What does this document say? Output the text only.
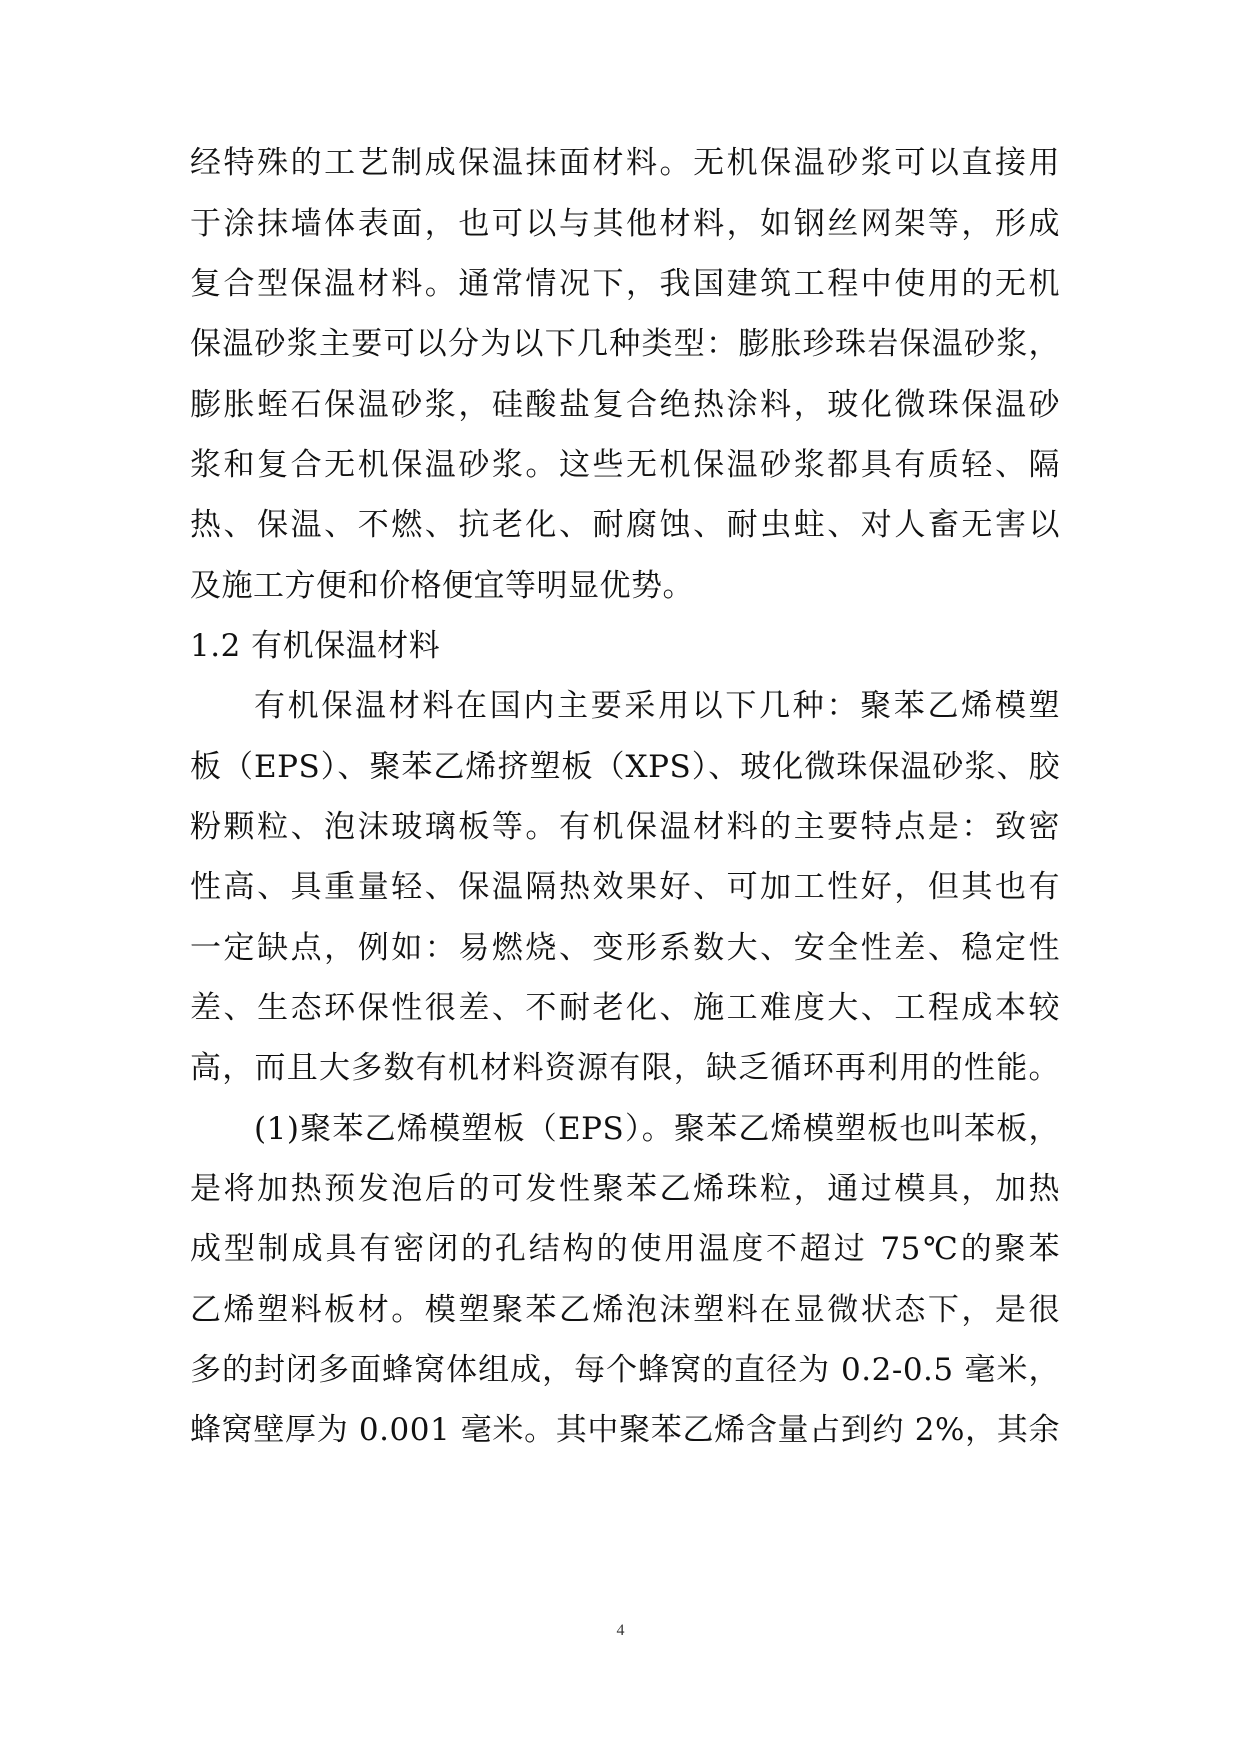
经特殊的工艺制成保温抹面材料。无机保温砂浆可以直接用
于涂抹墙体表面，也可以与其他材料，如钢丝网架等，形成
复合型保温材料。通常情况下，我国建筑工程中使用的无机
保温砂浆主要可以分为以下几种类型：膨胀珍珠岩保温砂浆，
膨胀蛭石保温砂浆，硅酸盐复合绝热涂料，玻化微珠保温砂
浆和复合无机保温砂浆。这些无机保温砂浆都具有质轻、隔
热、保温、不燃、抗老化、耐腐蚀、耐虫蛀、对人畜无害以
及施工方便和价格便宜等明显优势。
1.2 有机保温材料
有机保温材料在国内主要采用以下几种：聚苯乙烯模塑
板（EPS）、聚苯乙烯挤塑板（XPS）、玻化微珠保温砂浆、胶
粉颗粒、泡沫玻璃板等。有机保温材料的主要特点是：致密
性高、具重量轻、保温隔热效果好、可加工性好，但其也有
一定缺点，例如：易燃烧、变形系数大、安全性差、稳定性
差、生态环保性很差、不耐老化、施工难度大、工程成本较
高，而且大多数有机材料资源有限，缺乏循环再利用的性能。
(1)聚苯乙烯模塑板（EPS）。聚苯乙烯模塑板也叫苯板，
是将加热预发泡后的可发性聚苯乙烯珠粒，通过模具，加热
成型制成具有密闭的孔结构的使用温度不超过 75℃的聚苯
乙烯塑料板材。模塑聚苯乙烯泡沫塑料在显微状态下，是很
多的封闭多面蜂窝体组成，每个蜂窝的直径为 0.2-0.5 毫米，
蜂窝壁厚为 0.001 毫米。其中聚苯乙烯含量占到约 2%，其余
4
